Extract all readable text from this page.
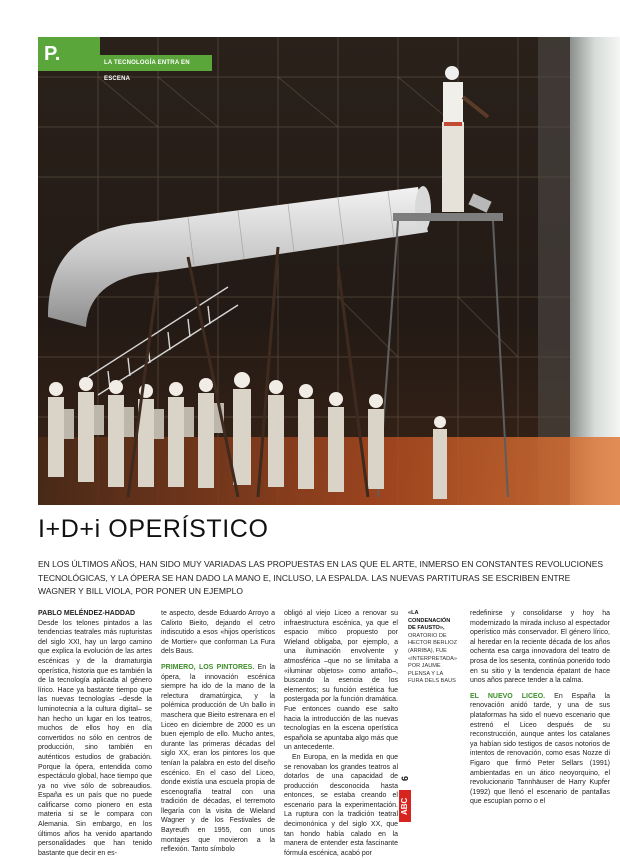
P.	LA TECNOLOGÍA ENTRA EN ESCENA
I+D+i OPERÍSTICO

EN LOS ÚLTIMOS AÑOS, HAN SIDO MUY VARIADAS LAS PROPUESTAS EN LAS QUE EL ARTE, INMERSO EN CONSTANTES REVOLUCIONES TECNOLÓGICAS, Y LA ÓPERA SE HAN DADO LA MANO E, INCLUSO, LA ESPALDA. LAS NUEVAS PARTITURAS SE ESCRIBEN ENTRE WAGNER Y BILL VIOLA, POR PONER UN EJEMPLO

PABLO MELÉNDEZ-HADDAD

Desde los telones pintados a las tendencias teatrales más rupturistas del siglo XXI, hay un largo camino que explica la evolución de las artes escénicas y de la dramaturgia operística, historia que es también la de la tecnología aplicada al género lírico. Hace ya bastante tiempo que las nuevas tecnologías –desde la luminotecnia a la cultura digital– se han hecho un lugar en los teatros, muchos de ellos hoy en día convertidos no sólo en centros de producción, sino también en auténticos estudios de grabación. Porque la ópera, entendida como espectáculo global, hace tiempo que ya no vive sólo de sobreaudios. España es un país que no puede calificarse como pionero en esta materia si se le compara con Alemania. Sin embargo, en los últimos años ha venido apartando personalidades que han tenido bastante que decir en es-

te aspecto, desde Eduardo Arroyo a Calixto Bieito, dejando el cetro indiscutido a esos «hijos operísticos de Mortier» que conforman La Fura dels Baus.

PRIMERO, LOS PINTORES. En la ópera, la innovación escénica siempre ha ido de la mano de la relectura dramatúrgica, y la polémica producción de Un ballo in maschera que Bieito estrenara en el Liceo en diciembre de 2000 es un buen ejemplo de ello. Mucho antes, durante las primeras décadas del siglo XX, eran los pintores los que tenían la palabra en esto del diseño escénico. En el caso del Liceo, donde existía una escuela propia de escenografía teatral con una tradición de décadas, el terremoto llegaría con la visita de Wieland Wagner y de los Festivales de Bayreuth en 1955, con unos montajes que movieron a la reflexión. Tanto símbolo

obligó al viejo Liceo a renovar su infraestructura escénica, ya que el espacio mítico propuesto por Wieland obligaba, por ejemplo, a una iluminación envolvente y atmosférica –que no se limitaba a «iluminar objetos» como antaño–, buscando la esencia de los elementos; su función estética fue postergada por la función dramática. Fue entonces cuando ese salto hacia la introducción de las nuevas tecnologías en la escena operística española se apuntaba algo más que un antecedente.

En Europa, en la medida en que se renovaban los grandes teatros al dotarlos de una capacidad de producción desconocida hasta entonces, se estaba creando el escenario para la experimentación. La ruptura con la tradición teatral decimonónica y del siglo XX, que tan hondo había calado en la manera de entender esta fascinante fórmula escénica, acabó por

«LA CONDENACIÓN DE FAUSTO»,
ORATORIO DE HECTOR BERLIOZ (ARRIBA), FUE «INTERPRETADA» POR JAUME PLENSA Y LA FURA DELS BAUS
6
ABC

redefinirse y consolidarse y hoy ha modernizado la mirada incluso al espectador operístico más conservador. El género lírico, al heredar en la reciente década de los años ochenta esa carga innovadora del teatro de prosa de los sesenta, continúa ponerido todo en su sitio y la tendencia épatant de hace unos años parece tender a la calma.

EL NUEVO LICEO. En España la renovación anidó tarde, y una de sus plataformas ha sido el nuevo escenario que estrenó el Liceo después de su reconstrucción, aunque antes los catalanes ya habían sido testigos de casos notorios de intentos de renovación, como esas Nozze di Figaro que firmó Peter Sellars (1991) ambientadas en un ático neoyorquino, el revolucionario Tannhäuser de Harry Kupfer (1992) que llenó el escenario de pantallas que escupían porno o el
